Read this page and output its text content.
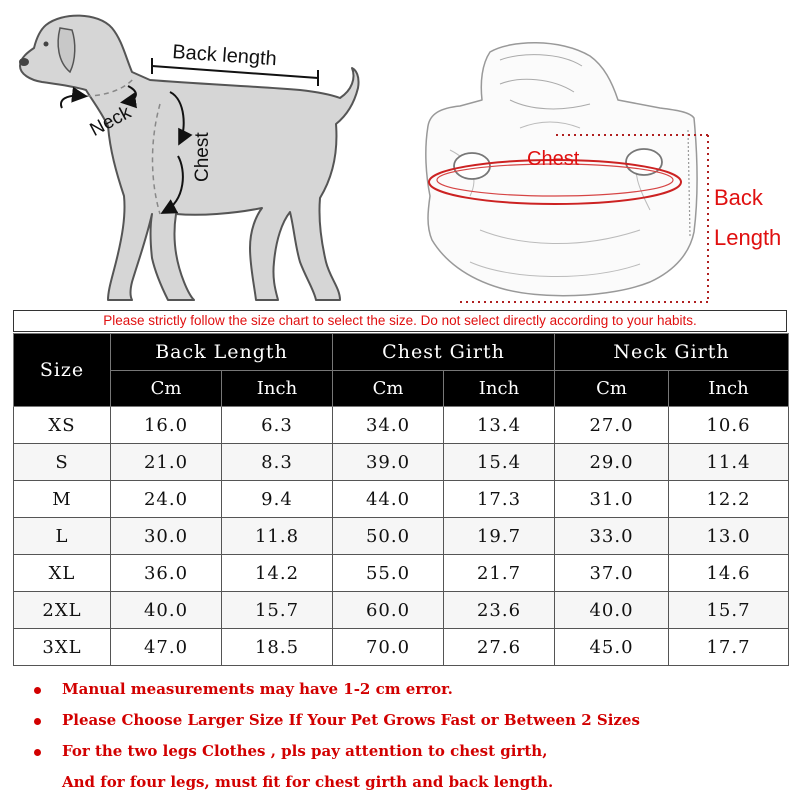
Back length
Neck
Chest	Chest
Back
Length
Please strictly follow the size chart to select the size. Do not select directly according to your habits.
Size	Back Length		Chest Girth		Neck Girth	
	Cm	Inch	Cm	Inch	Cm	Inch
XS	16.0	6.3	34.0	13.4	27.0	10.6
S	21.0	8.3	39.0	15.4	29.0	11.4
M	24.0	9.4	44.0	17.3	31.0	12.2
L	30.0	11.8	50.0	19.7	33.0	13.0
XL	36.0	14.2	55.0	21.7	37.0	14.6
2XL	40.0	15.7	60.0	23.6	40.0	15.7
3XL	47.0	18.5	70.0	27.6	45.0	17.7
Manual measurements may have 1-2 cm error.
Please Choose Larger Size If Your Pet Grows Fast or Between 2 Sizes
For the two legs Clothes , pls pay attention to chest girth,
And for four legs, must fit for chest girth and back length.
